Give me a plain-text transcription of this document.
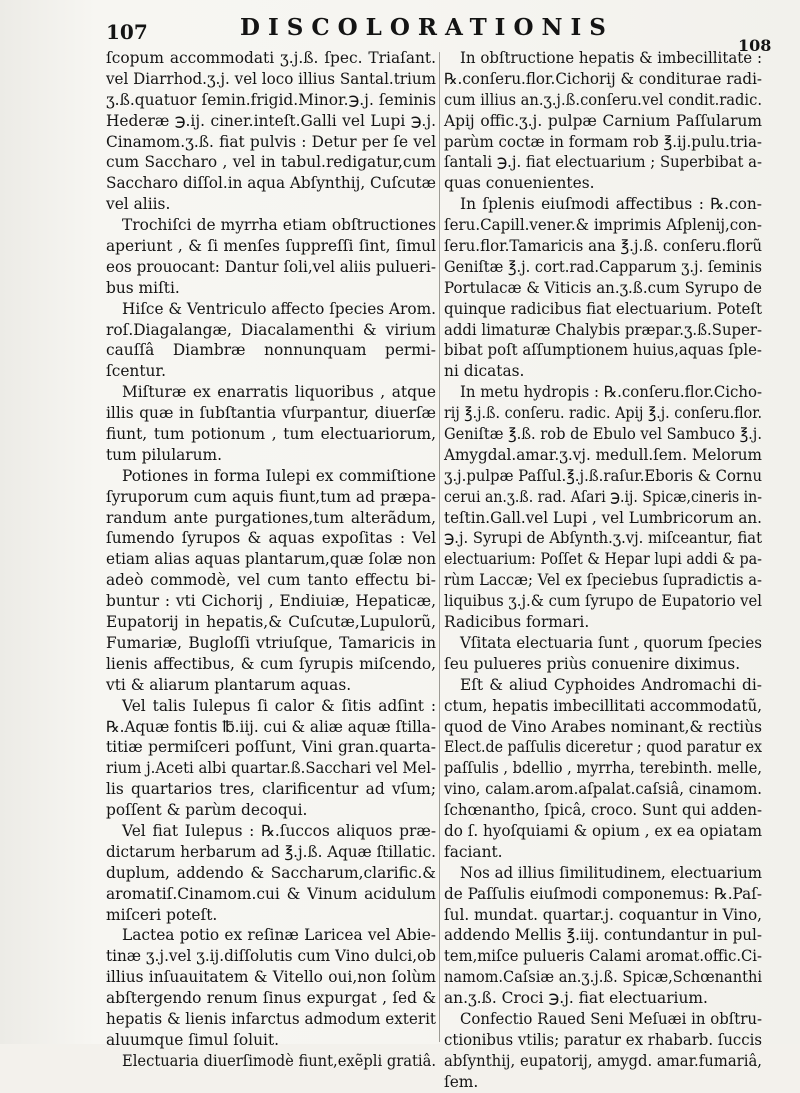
107	DISCOLORATIONIS
108
ſcopum accommodati ʒ.j.ß. ſpec. Triaſant.
vel Diarrhod.ʒ.j. vel loco illius Santal.trium
ʒ.ß.quatuor ſemin.frigid.Minor.℈.j. ſeminis
Hederæ ℈.ij. ciner.inteſt.Galli vel Lupi ℈.j.
Cinamom.ʒ.ß. fiat pulvis : Detur per ſe vel
cum Saccharo , vel in tabul.redigatur,cum
Saccharo diſſol.in aqua Abſynthij, Cuſcutæ
vel aliis.
Trochiſci de myrrha etiam obſtructiones
aperiunt , & ſi menſes ſuppreſſi ſint, ſimul
eos prouocant: Dantur ſoli,vel aliis pulueri-
bus miſti.
Hiſce & Ventriculo affecto ſpecies Arom.
roſ.Diagalangæ, Diacalamenthi & virium
cauſſâ Diambræ nonnunquam permi-
ſcentur.
Miſturæ ex enarratis liquoribus , atque
illis quæ in ſubſtantia vſurpantur, diuerſæ
fiunt, tum potionum , tum electuariorum,
tum pilularum.
Potiones in forma Iulepi ex commiſtione
ſyruporum cum aquis fiunt,tum ad præpa-
randum ante purgationes,tum alterãdum,
ſumendo ſyrupos & aquas expoſitas : Vel
etiam alias aquas plantarum,quæ ſolæ non
adeò commodè, vel cum tanto effectu bi-
buntur : vti Cichorij , Endiuiæ, Hepaticæ,
Eupatorij in hepatis,& Cuſcutæ,Lupulorũ,
Fumariæ, Bugloſſi vtriuſque, Tamaricis in
lienis affectibus, & cum ſyrupis miſcendo,
vti & aliarum plantarum aquas.
Vel talis Iulepus ſi calor & ſitis adſint :
℞.Aquæ fontis ℔.iij. cui & aliæ aquæ ſtilla-
titiæ permiſceri poſſunt, Vini gran.quarta-
rium j.Aceti albi quartar.ß.Sacchari vel Mel-
lis quartarios tres, clarificentur ad vſum;
poſſent & parùm decoqui.
Vel fiat Iulepus : ℞.ſuccos aliquos præ-
dictarum herbarum ad ℥.j.ß. Aquæ ſtillatic.
duplum, addendo & Saccharum,clarific.&
aromatiſ.Cinamom.cui & Vinum acidulum
miſceri poteſt.
Lactea potio ex reſinæ Laricea vel Abie-
tinæ ʒ.j.vel ʒ.ij.diſſolutis cum Vino dulci,ob
illius inſuauitatem & Vitello oui,non ſolùm
abſtergendo renum ſinus expurgat , ſed &
hepatis & lienis infarctus admodum exterit
aluumque ſimul ſoluit.
Electuaria diuerſimodè fiunt,exẽpli gratiâ.
In obſtructione hepatis & imbecillitate :
℞.conſeru.flor.Cichorij & conditurae radi-
cum illius an.ʒ.j.ß.conſeru.vel condit.radic.
Apij offic.ʒ.j. pulpæ Carnium Paſſularum
parùm coctæ in formam rob ℥.ij.pulu.tria-
ſantali ℈.j. fiat electuarium ; Superbibat a-
quas conuenientes.
In ſplenis eiuſmodi affectibus : ℞.con-
ſeru.Capill.vener.& imprimis Aſplenij,con-
ſeru.flor.Tamaricis ana ℥.j.ß. conſeru.florũ
Geniſtæ ℥.j. cort.rad.Capparum ʒ.j. ſeminis
Portulacæ & Viticis an.ʒ.ß.cum Syrupo de
quinque radicibus fiat electuarium. Poteſt
addi limaturæ Chalybis præpar.ʒ.ß.Super-
bibat poſt aſſumptionem huius,aquas ſple-
ni dicatas.
In metu hydropis : ℞.conſeru.flor.Cicho-
rij ℥.j.ß. conſeru. radic. Apij ℥.j. conſeru.flor.
Geniſtæ ℥.ß. rob de Ebulo vel Sambuco ℥.j.
Amygdal.amar.ʒ.vj. medull.ſem. Melorum
ʒ.j.pulpæ Paſſul.℥.j.ß.raſur.Eboris & Cornu
cerui an.ʒ.ß. rad. Aſari ℈.ij. Spicæ,cineris in-
teſtin.Gall.vel Lupi , vel Lumbricorum an.
℈.j. Syrupi de Abſynth.ʒ.vj. miſceantur, fiat
electuarium: Poſſet & Hepar lupi addi & pa-
rùm Laccæ; Vel ex ſpeciebus ſupradictis a-
liquibus ʒ.j.& cum ſyrupo de Eupatorio vel
Radicibus formari.
Vſitata electuaria ſunt , quorum ſpecies
ſeu pulueres priùs conuenire diximus.
Eſt & aliud Cyphoides Andromachi di-
ctum, hepatis imbecillitati accommodatũ,
quod de Vino Arabes nominant,& rectiùs
Elect.de paſſulis diceretur ; quod paratur ex
paſſulis , bdellio , myrrha, terebinth. melle,
vino, calam.arom.aſpalat.caſsiâ, cinamom.
ſchœnantho, ſpicâ, croco. Sunt qui adden-
do ſ. hyoſquiami & opium , ex ea opiatam
faciant.
Nos ad illius ſimilitudinem, electuarium
de Paſſulis eiuſmodi componemus: ℞.Paſ-
ſul. mundat. quartar.j. coquantur in Vino,
addendo Mellis ℥.iij. contundantur in pul-
tem,miſce pulueris Calami aromat.offic.Ci-
namom.Caſsiæ an.ʒ.j.ß. Spicæ,Schœnanthi
an.ʒ.ß. Croci ℈.j. fiat electuarium.
Confectio Raued Seni Meſuæi in obſtru-
ctionibus vtilis; paratur ex rhabarb. ſuccis
abſynthij, eupatorij, amygd. amar.fumariâ,
ſem.
